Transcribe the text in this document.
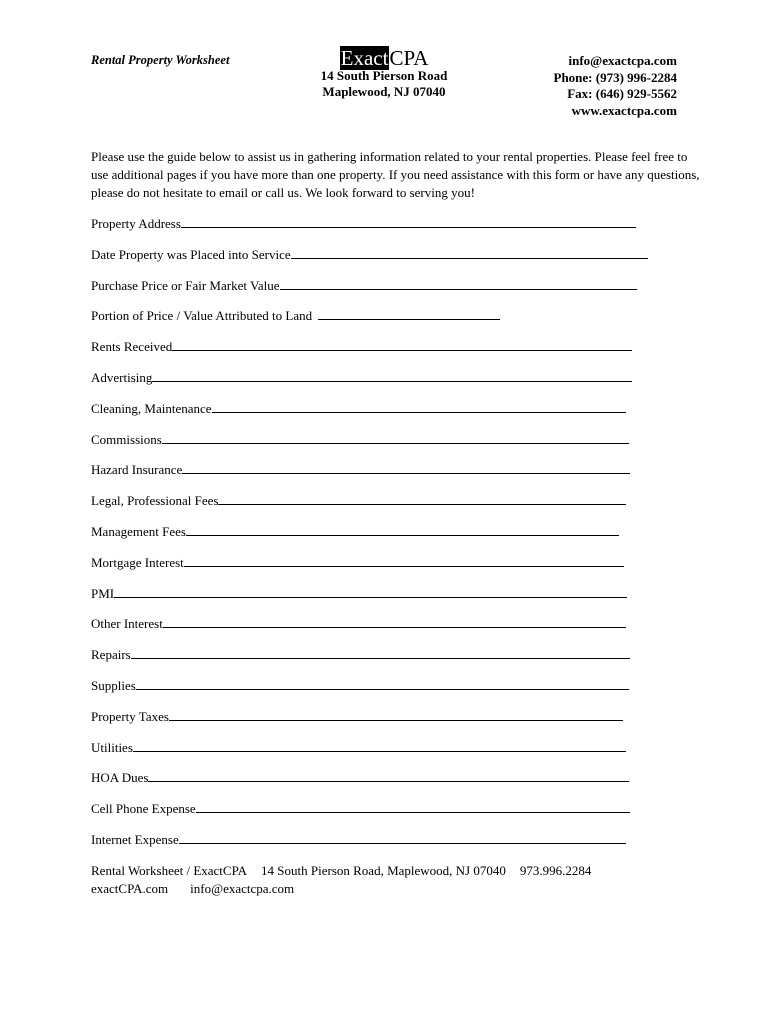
Rental Property Worksheet	ExactCPA
14 South Pierson Road
Maplewood, NJ 07040
info@exactcpa.com
Phone: (973) 996-2284
Fax: (646) 929-5562
www.exactcpa.com
Please use the guide below to assist us in gathering information related to your rental properties. Please feel free to use additional pages if you have more than one property. If you need assistance with this form or have any questions, please do not hesitate to email or call us. We look forward to serving you!
Property Address
Date Property was Placed into Service
Purchase Price or Fair Market Value
Portion of Price / Value Attributed to Land
Rents Received
Advertising
Cleaning, Maintenance
Commissions
Hazard Insurance
Legal, Professional Fees
Management Fees
Mortgage Interest
PMI
Other Interest
Repairs
Supplies
Property Taxes
Utilities
HOA Dues
Cell Phone Expense
Internet Expense
Rental Worksheet / ExactCPA 14 South Pierson Road, Maplewood, NJ 07040 973.996.2284
exactCPA.com info@exactcpa.com
